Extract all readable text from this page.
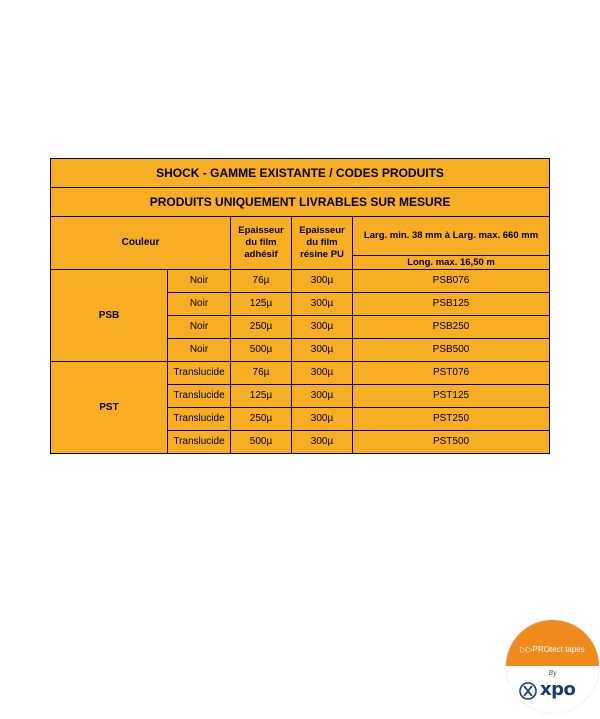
SHOCK - GAMME EXISTANTE / CODES PRODUITS				
PRODUITS UNIQUEMENT LIVRABLES SUR MESURE				
Couleur		Epaisseur du film adhésif	Epaisseur du film résine PU	Larg. min. 38 mm à Larg. max. 660 mm
				Long. max. 16,50 m
PSB	Noir	76µ	300µ	PSB076
	Noir	125µ	300µ	PSB125
	Noir	250µ	300µ	PSB250
	Noir	500µ	300µ	PSB500
PST	Translucide	76µ	300µ	PST076
	Translucide	125µ	300µ	PST125
	Translucide	250µ	300µ	PST250
	Translucide	500µ	300µ	PST500
▷▷PROtect tapes
By
xpo
